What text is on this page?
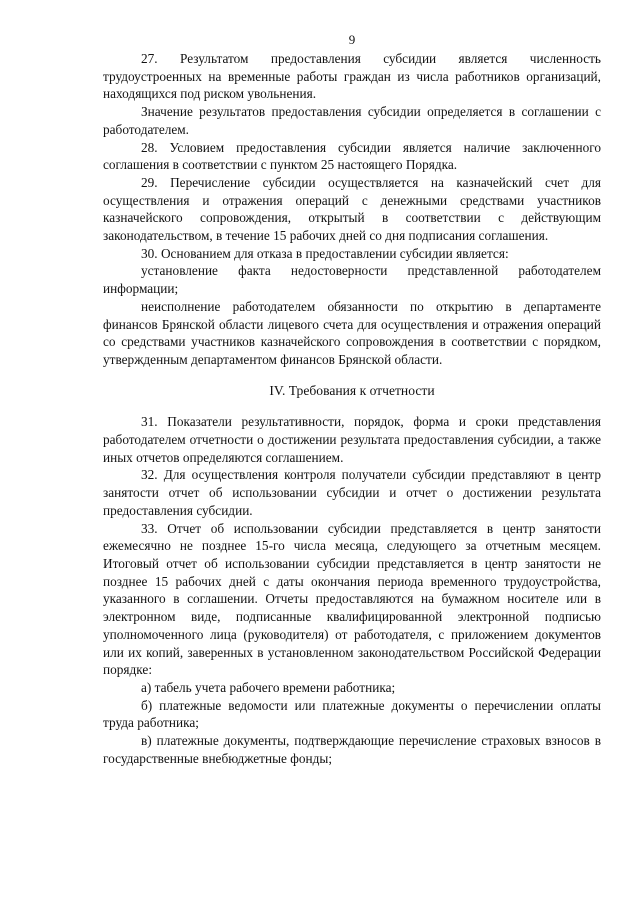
9

27. Результатом предоставления субсидии является численность трудоустроенных на временные работы граждан из числа работников организаций, находящихся под риском увольнения.

Значение результатов предоставления субсидии определяется в соглашении с работодателем.

28. Условием предоставления субсидии является наличие заключенного соглашения в соответствии с пунктом 25 настоящего Порядка.

29. Перечисление субсидии осуществляется на казначейский счет для осуществления и отражения операций с денежными средствами участников казначейского сопровождения, открытый в соответствии с действующим законодательством, в течение 15 рабочих дней со дня подписания соглашения.

30. Основанием для отказа в предоставлении субсидии является:

установление факта недостоверности представленной работодателем информации;

неисполнение работодателем обязанности по открытию в департаменте финансов Брянской области лицевого счета для осуществления и отражения операций со средствами участников казначейского сопровождения в соответствии с порядком, утвержденным департаментом финансов Брянской области.

IV. Требования к отчетности

31. Показатели результативности, порядок, форма и сроки представления работодателем отчетности о достижении результата предоставления субсидии, а также иных отчетов определяются соглашением.

32. Для осуществления контроля получатели субсидии представляют в центр занятости отчет об использовании субсидии и отчет о достижении результата предоставления субсидии.

33. Отчет об использовании субсидии представляется в центр занятости ежемесячно не позднее 15-го числа месяца, следующего за отчетным месяцем. Итоговый отчет об использовании субсидии представляется в центр занятости не позднее 15 рабочих дней с даты окончания периода временного трудоустройства, указанного в соглашении. Отчеты предоставляются на бумажном носителе или в электронном виде, подписанные квалифицированной электронной подписью уполномоченного лица (руководителя) от работодателя, с приложением документов или их копий, заверенных в установленном законодательством Российской Федерации порядке:

а) табель учета рабочего времени работника;

б) платежные ведомости или платежные документы о перечислении оплаты труда работника;

в) платежные документы, подтверждающие перечисление страховых взносов в государственные внебюджетные фонды;
